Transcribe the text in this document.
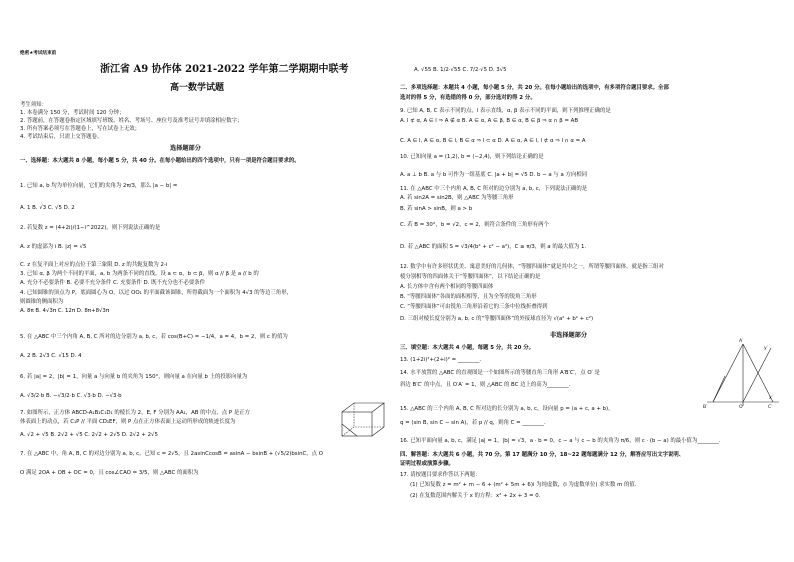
绝密★考试结束前
浙江省 A9 协作体 2021-2022 学年第二学期期中联考
高一数学试题
考生须知：
1. 本卷满分 150 分，考试时间 120 分钟；
2. 答题前，在答题卷指定区域填写班级、姓名、考场号、座位号及准考证号并填涂相应数字；
3. 所有答案必须写在答题卷上，写在试卷上无效；
4. 考试结束后，只需上交答题卷。
选择题部分
一、选择题：本大题共 8 小题，每小题 5 分，共 40 分。在每小题给出的四个选项中，只有一项是符合题目要求的。
1. 已知 a, b 均为单位向量，它们的夹角为 2π/3，那么 |a − b| =
A. 1 B. √3 C. √5 D. 2
2. 若复数 z = (4+2i)/(1−i^2022)，则下列说法正确的是
A. z 的虚部为 i B. |z| = √5
C. z 在复平面上对应的点位于第三象限 D. z 的共轭复数为 2-i
3. 已知 α, β 为两个不同的平面，a, b 为两条不同的直线，设 a ⊂ α，b ⊂ β，则 α // β 是 a // b 的
A. 充分不必要条件 B. 必要不充分条件 C. 充要条件 D. 既不充分也不必要条件
4. 已知圆锥的顶点为 P，底面圆心为 O，以过 OO₁ 的平面截该圆锥，所得截面为一个面积为 4√3 的等边三角形，
则圆锥的侧面积为
A. 8π B. 4√3π C. 12π D. 8π+8√3π
5. 在 △ABC 中三个内角 A, B, C 所对的边分别为 a, b, c，若 cos(B+C) = −1/4，a = 4，b = 2，则 c 的值为
A. 2 B. 2√3 C. √15 D. 4
6. 若 |a| = 2，|b| = 1，向量 a 与向量 b 的夹角为 150°，则向量 a 在向量 b 上的投影向量为
A. √3/2·b B. −√3/2·b C. √3·b D. −√3·b
7. 如图所示，正方体 ABCD-A₁B₁C₁D₁ 的棱长为 2，E, F 分别为 AA₁，AB 的中点，点 P 是正方
体表面上的动点，若 C₁P // 平面 CD₁EF，则 P 点在正方体表面上运动所形成的轨迹长度为
A. √2 + √5 B. 2√2 + √5 C. 2√2 + 2√5 D. 2√2 + 2√5
7. 在 △ABC 中，角 A, B, C 的对边分别为 a, b, c，已知 c = 2√5，且 2asinCcosB = asinA − bsinB + (√5/2)bsinC，点 O
O 满足 2OA + OB + OC = 0，且 cos∠CAO = 3/5，则 △ABC 的面积为
A. √55 B. 1/2·√55 C. 7/2·√5 D. 3√5
二、多项选择题：本题共 4 小题，每小题 5 分，共 20 分。在每小题给出的选项中，有多项符合题目要求。全部
选对的得 5 分，有选错的得 0 分，部分选对的得 2 分。
9. 已知 A, B, C 表示不同的点，l 表示直线，α, β 表示不同的平面，则下列推理正确的是
A. l ⊄ α, A ∈ l ⇒ A ∉ α B. A ∈ α, A ∈ β, B ∈ α, B ∈ β ⇒ α ∩ β = AB
C. A ∈ l, A ∈ α, B ∈ l, B ∈ α ⇒ l ⊂ α D. A ∈ α, A ∈ l, l ⊄ α ⇒ l ∩ α = A
10. 已知向量 a = (1,2), b = (−2,4)，则下列结论正确的是
A. a ⊥ b B. a 与 b 可作为一组基底 C. |a + b| = √5 D. b − a 与 a 方向相同
11. 在 △ABC 中三个内角 A, B, C 所对的边分别为 a, b, c，下列说法正确的是
A. 若 sin2A = sin2B，则 △ABC 为等腰三角形
B. 若 sinA > sinB，则 a > b
C. 若 B = 30°，b = √2，c = 2，则符合条件的三角形有两个
D. 若 △ABC 的面积 S = √3/4(b² + c² − a²)，C ≥ π/3，则 a 的最大值为 1.
12. 数学中有许多形状优美、寓意美好的几何体，“等腰四面体”就是其中之一，所谓等腰四面体，就是指三组对
棱分别相等的四面体关于“等腰四面体”，以下结论正确的是
A. 长方体中含有两个相同的等腰四面体
B. “等腰四面体”各面的面积相等，且为全等的锐角三角形
C. “等腰四面体”可由锐角三角形沿着它的三条中位线折叠得到
D. 三组对棱长度分别为 a, b, c 的“等腰四面体”的外接球直径为 √(a² + b² + c²)
非选择题部分
三、填空题：本大题共 4 小题，每题 5 分，共 20 分。
13. (1+2i)²+(2+i)² = ________.
14. 水平放置的 △ABC 的直观图是一个如图所示的等腰直角三角形 A′B′C′，点 O′ 是
斜边 B′C′ 的中点，且 O′A′ = 1，则 △ABC 的 BC 边上的高为________.
y′
A′
x′
B′	O′	C′
15. △ABC 的三个内角 A, B, C 所对边的长分别为 a, b, c，设向量 p = (a + c, a + b)，
q = (sin B, sin C − sin A)，若 p // q，则角 C = ________.
16. 已知平面向量 a, b, c，满足 |a| = 1，|b| = √3，a · b = 0，c − a 与 c − b 的夹角为 π/6，则 c · (b − a) 的最小值为________.
四、解答题：本大题共 6 小题，共 70 分。第 17 题满分 10 分，18~22 题每题满分 12 分，解答应写出文字说明、
证明过程或演算步骤。
17. 请按题目要求作答以下两题：
(1) 已知复数 z = m² + m − 6 + (m² + 5m + 6)i 为纯虚数，(i 为虚数单位) 求实数 m 的值.
(2) 在复数范围内解关于 x 的方程：x² + 2x + 3 = 0.
